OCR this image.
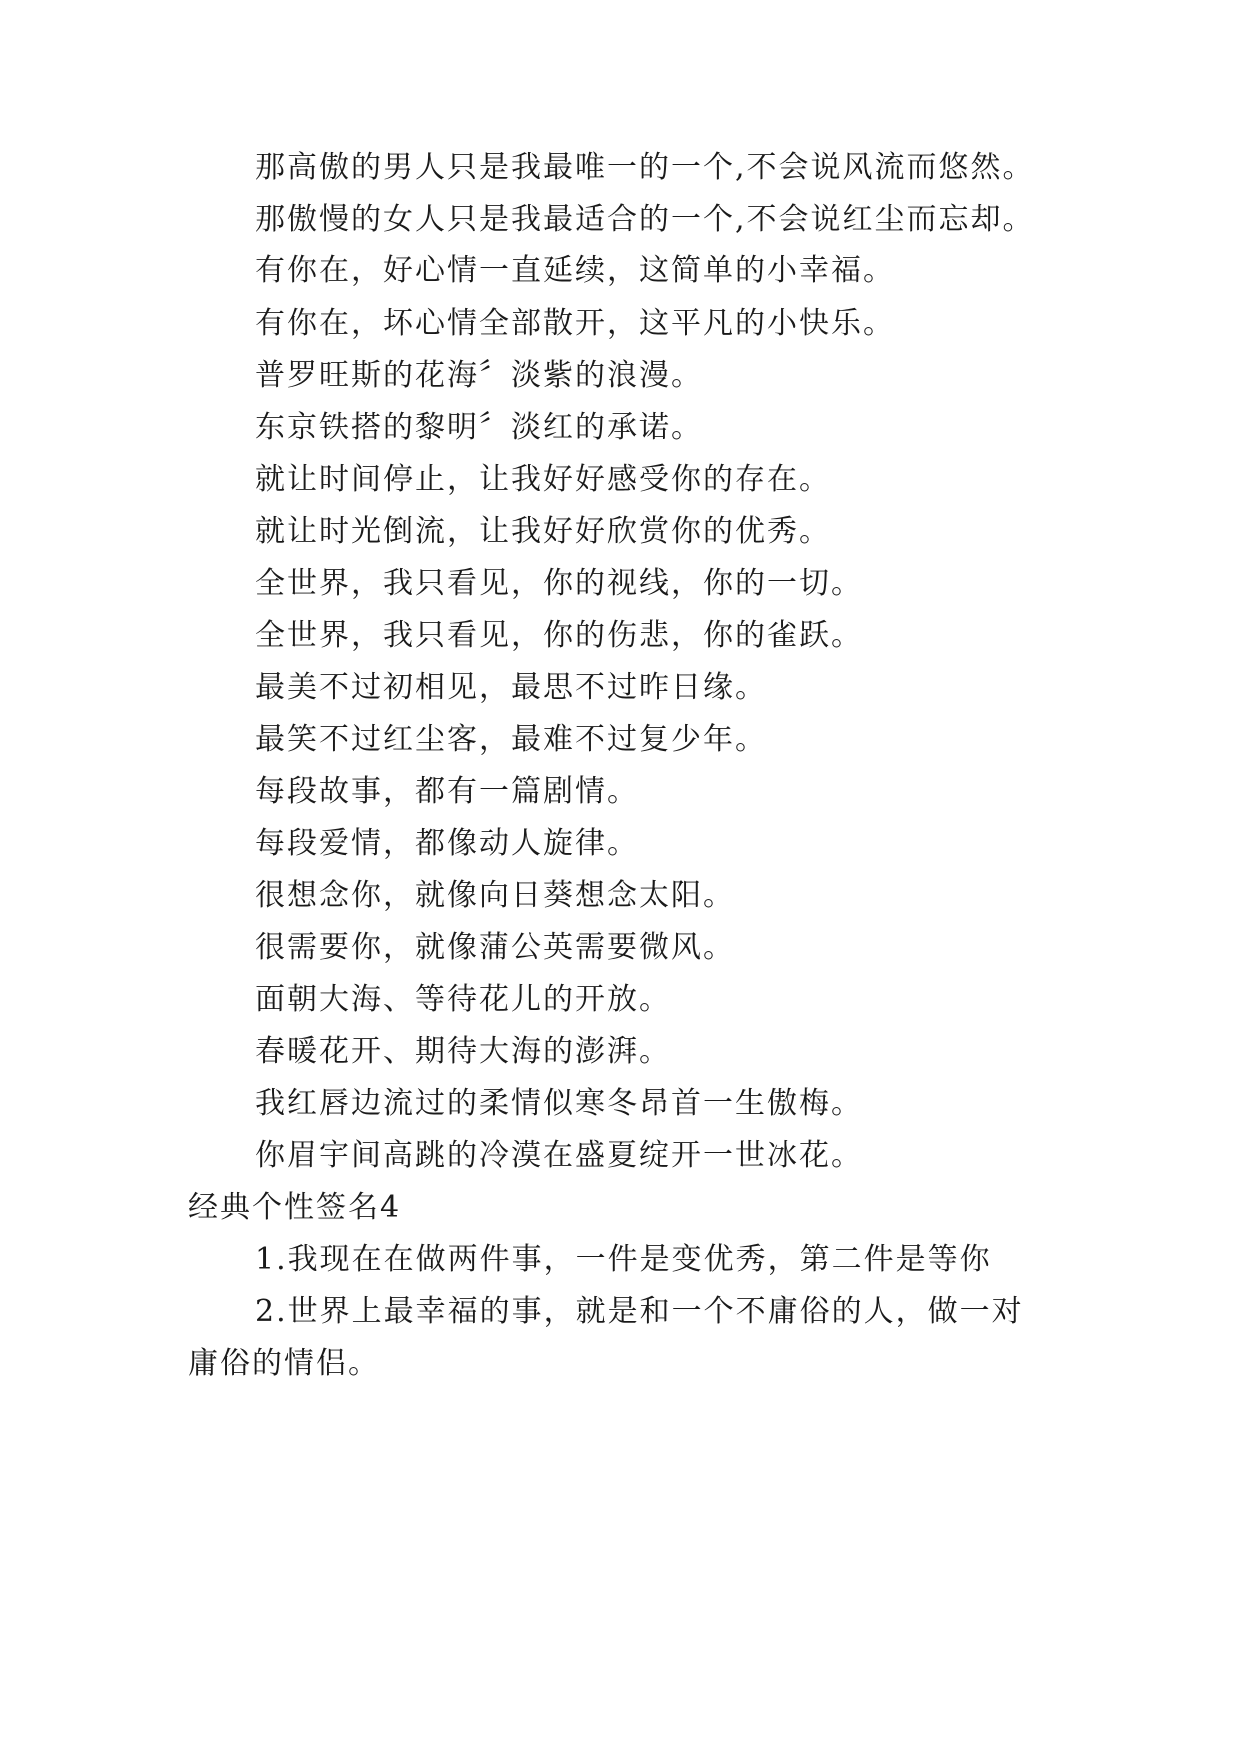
那高傲的男人只是我最唯一的一个,不会说风流而悠然。
那傲慢的女人只是我最适合的一个,不会说红尘而忘却。
有你在，好心情一直延续，这简单的小幸福。
有你在，坏心情全部散开，这平凡的小快乐。
普罗旺斯的花海〞淡紫的浪漫。
东京铁搭的黎明〞淡红的承诺。
就让时间停止，让我好好感受你的存在。
就让时光倒流，让我好好欣赏你的优秀。
全世界，我只看见，你的视线，你的一切。
全世界，我只看见，你的伤悲，你的雀跃。
最美不过初相见，最思不过昨日缘。
最笑不过红尘客，最难不过复少年。
每段故事，都有一篇剧情。
每段爱情，都像动人旋律。
很想念你，就像向日葵想念太阳。
很需要你，就像蒲公英需要微风。
面朝大海、等待花儿的开放。
春暖花开、期待大海的澎湃。
我红唇边流过的柔情似寒冬昂首一生傲梅。
你眉宇间高跳的冷漠在盛夏绽开一世冰花。
经典个性签名4
1.我现在在做两件事，一件是变优秀，第二件是等你
2.世界上最幸福的事，就是和一个不庸俗的人，做一对
庸俗的情侣。
